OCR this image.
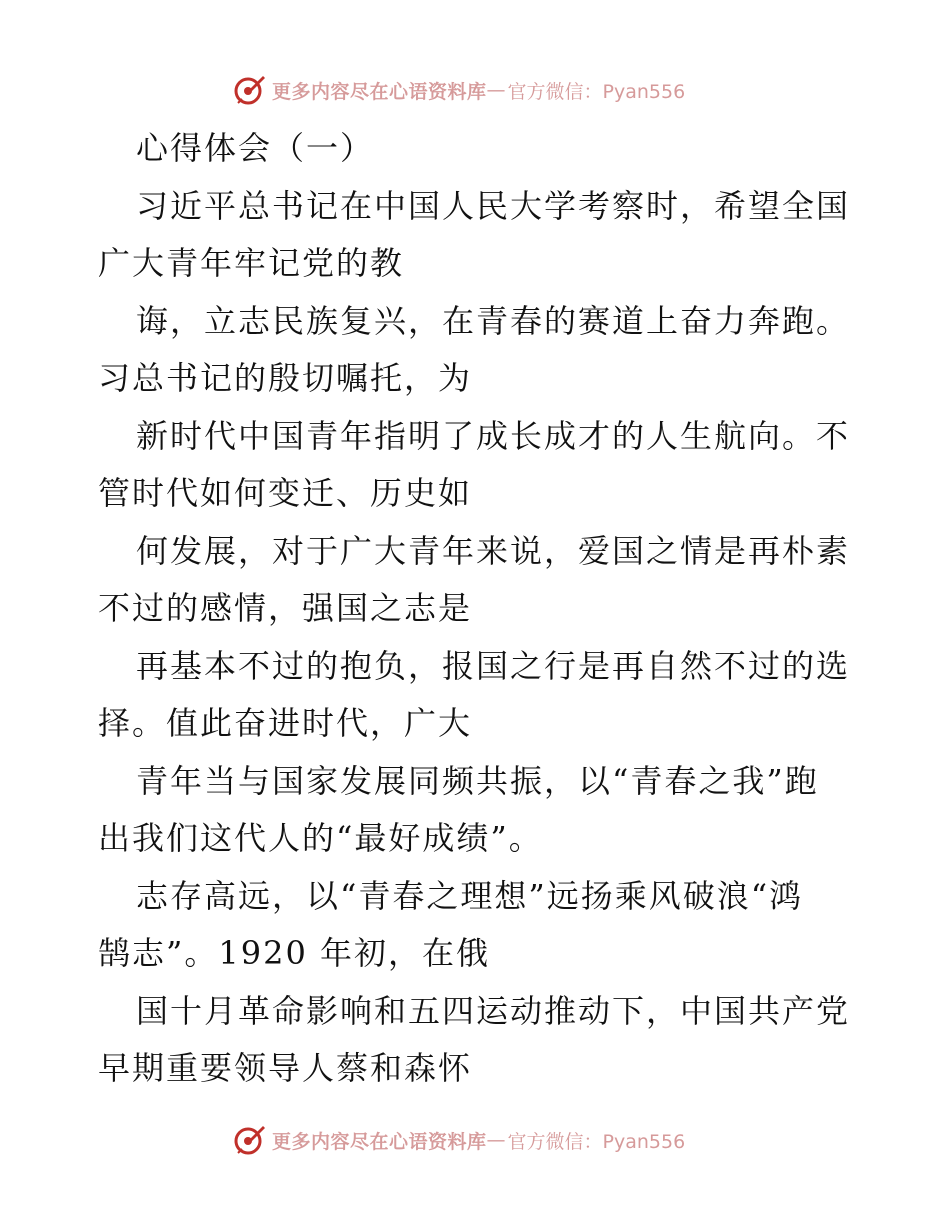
更多内容尽在心语资料库 — 官方微信：Pyan556
心得体会（一）
习近平总书记在中国人民大学考察时，希望全国
广大青年牢记党的教
诲，立志民族复兴，在青春的赛道上奋力奔跑。
习总书记的殷切嘱托，为
新时代中国青年指明了成长成才的人生航向。不
管时代如何变迁、历史如
何发展，对于广大青年来说，爱国之情是再朴素
不过的感情，强国之志是
再基本不过的抱负，报国之行是再自然不过的选
择。值此奋进时代，广大
青年当与国家发展同频共振，以“青春之我”跑
出我们这代人的“最好成绩”。
志存高远，以“青春之理想”远扬乘风破浪“鸿
鹄志”。1920 年初，在俄
国十月革命影响和五四运动推动下，中国共产党
早期重要领导人蔡和森怀
更多内容尽在心语资料库 — 官方微信：Pyan556
